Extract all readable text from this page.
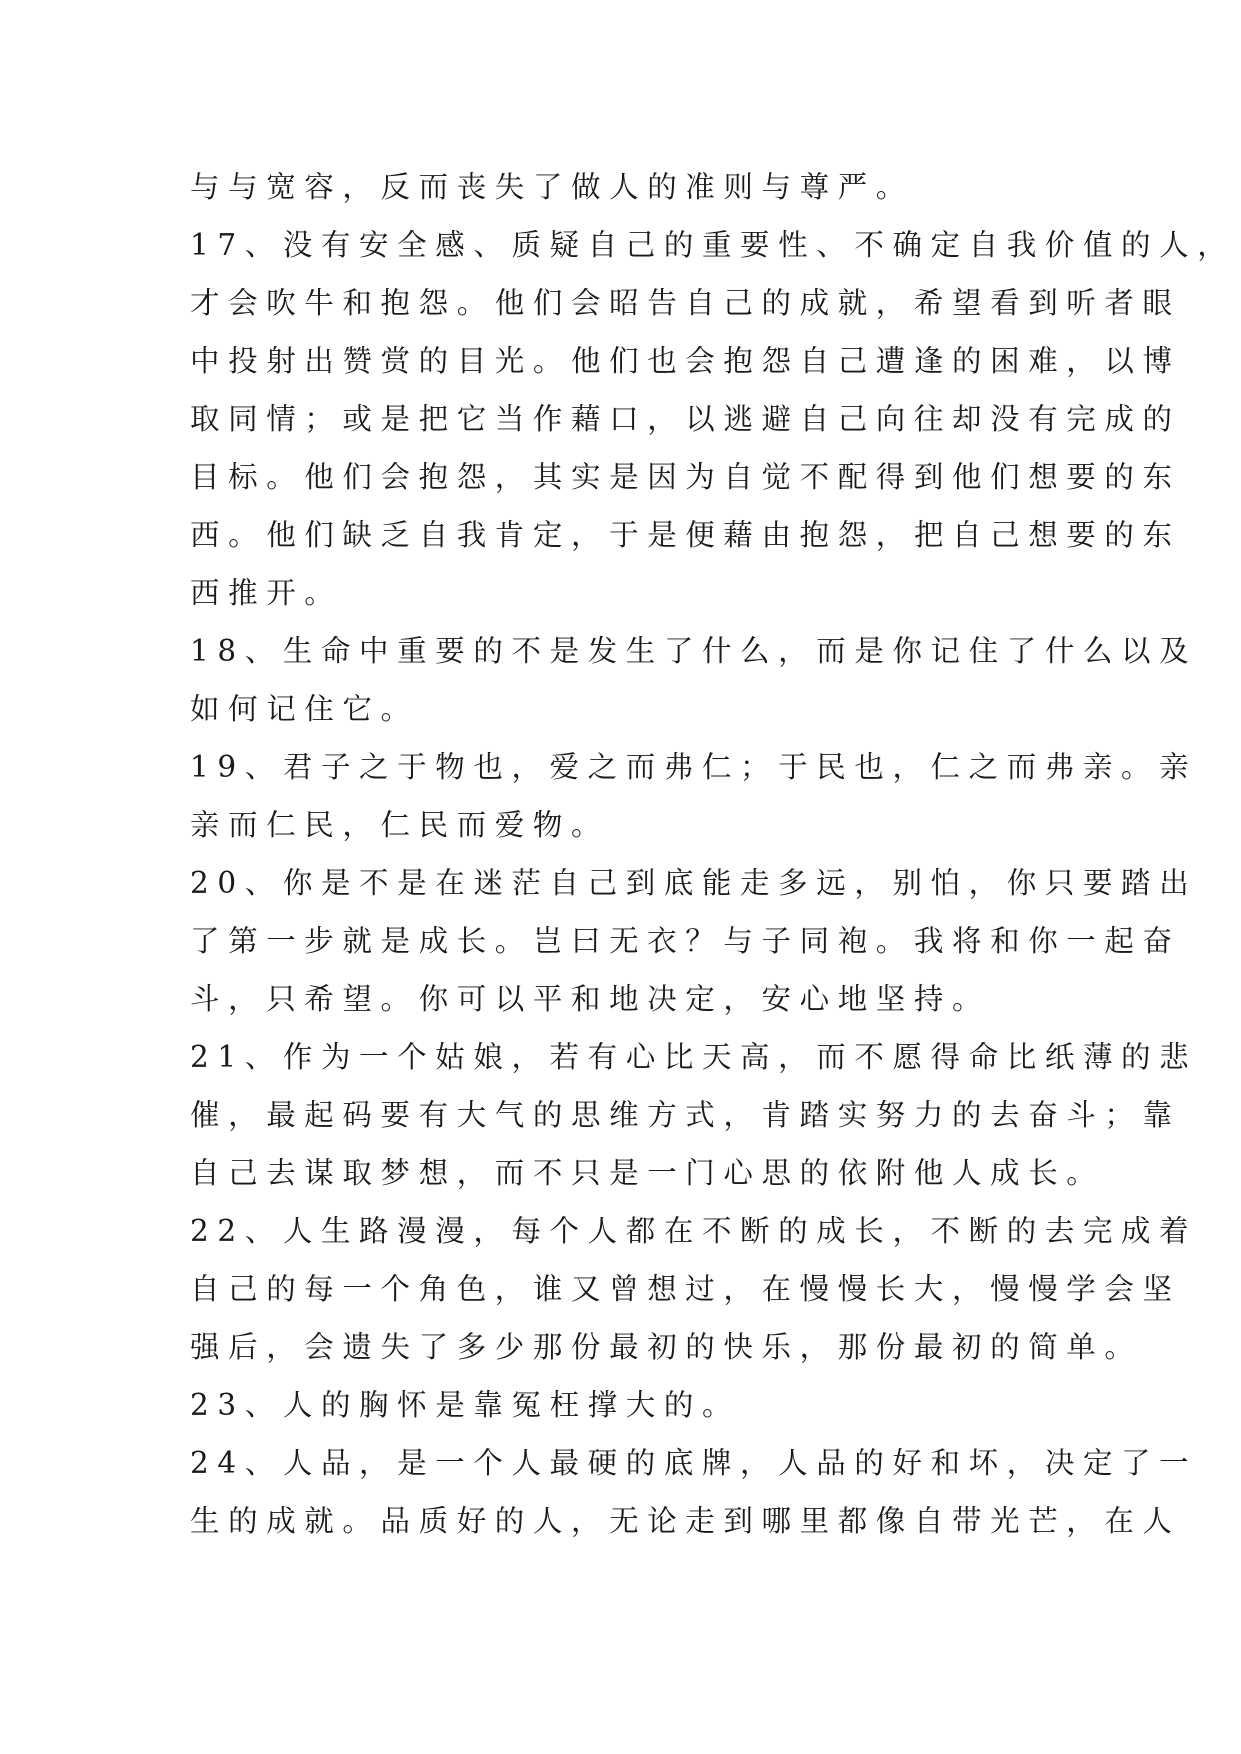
与与宽容，反而丧失了做人的准则与尊严。
17、没有安全感、质疑自己的重要性、不确定自我价值的人，
才会吹牛和抱怨。他们会昭告自己的成就，希望看到听者眼
中投射出赞赏的目光。他们也会抱怨自己遭逢的困难，以博
取同情；或是把它当作藉口，以逃避自己向往却没有完成的
目标。他们会抱怨，其实是因为自觉不配得到他们想要的东
西。他们缺乏自我肯定，于是便藉由抱怨，把自己想要的东
西推开。
18、生命中重要的不是发生了什么，而是你记住了什么以及
如何记住它。
19、君子之于物也，爱之而弗仁；于民也，仁之而弗亲。亲
亲而仁民，仁民而爱物。
20、你是不是在迷茫自己到底能走多远，别怕，你只要踏出
了第一步就是成长。岂曰无衣？与子同袍。我将和你一起奋
斗，只希望。你可以平和地决定，安心地坚持。
21、作为一个姑娘，若有心比天高，而不愿得命比纸薄的悲
催，最起码要有大气的思维方式，肯踏实努力的去奋斗；靠
自己去谋取梦想，而不只是一门心思的依附他人成长。
22、人生路漫漫，每个人都在不断的成长，不断的去完成着
自己的每一个角色，谁又曾想过，在慢慢长大，慢慢学会坚
强后，会遗失了多少那份最初的快乐，那份最初的简单。
23、人的胸怀是靠冤枉撑大的。
24、人品，是一个人最硬的底牌，人品的好和坏，决定了一
生的成就。品质好的人，无论走到哪里都像自带光芒，在人
